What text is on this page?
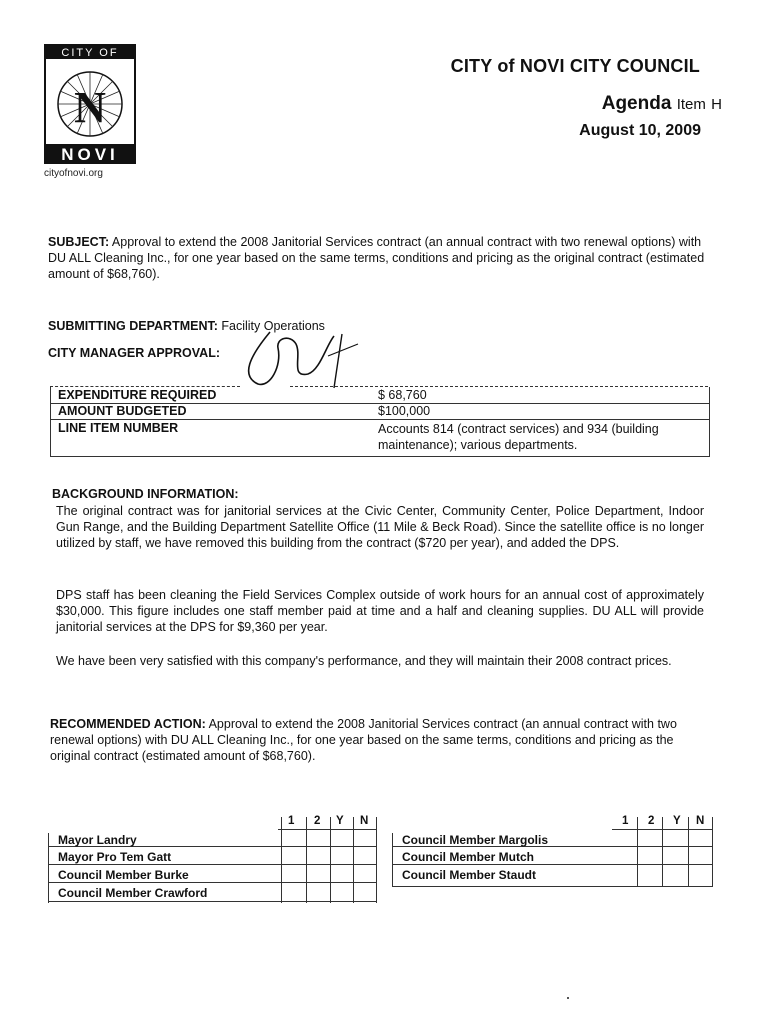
CITY OF
N
NOVI
cityofnovi.org
CITY of NOVI CITY COUNCIL
Agenda Item H
August 10, 2009

SUBJECT: Approval to extend the 2008 Janitorial Services contract (an annual contract with two renewal options) with DU ALL Cleaning Inc., for one year based on the same terms, conditions and pricing as the original contract (estimated amount of $68,760).

SUBMITTING DEPARTMENT: Facility Operations

CITY MANAGER APPROVAL:

EXPENDITURE REQUIRED	$ 68,760
AMOUNT BUDGETED	$100,000
LINE ITEM NUMBER	Accounts 814 (contract services) and 934 (building maintenance); various departments.
BACKGROUND INFORMATION:

The original contract was for janitorial services at the Civic Center, Community Center, Police Department, Indoor Gun Range, and the Building Department Satellite Office (11 Mile & Beck Road). Since the satellite office is no longer utilized by staff, we have removed this building from the contract ($720 per year), and added the DPS.

DPS staff has been cleaning the Field Services Complex outside of work hours for an annual cost of approximately $30,000. This figure includes one staff member paid at time and a half and cleaning supplies. DU ALL will provide janitorial services at the DPS for $9,360 per year.

We have been very satisfied with this company's performance, and they will maintain their 2008 contract prices.

RECOMMENDED ACTION: Approval to extend the 2008 Janitorial Services contract (an annual contract with two renewal options) with DU ALL Cleaning Inc., for one year based on the same terms, conditions and pricing as the original contract (estimated amount of $68,760).

1 2 Y N
Mayor Landry
Mayor Pro Tem Gatt
Council Member Burke
Council Member Crawford
1 2 Y N
Council Member Margolis
Council Member Mutch
Council Member Staudt
